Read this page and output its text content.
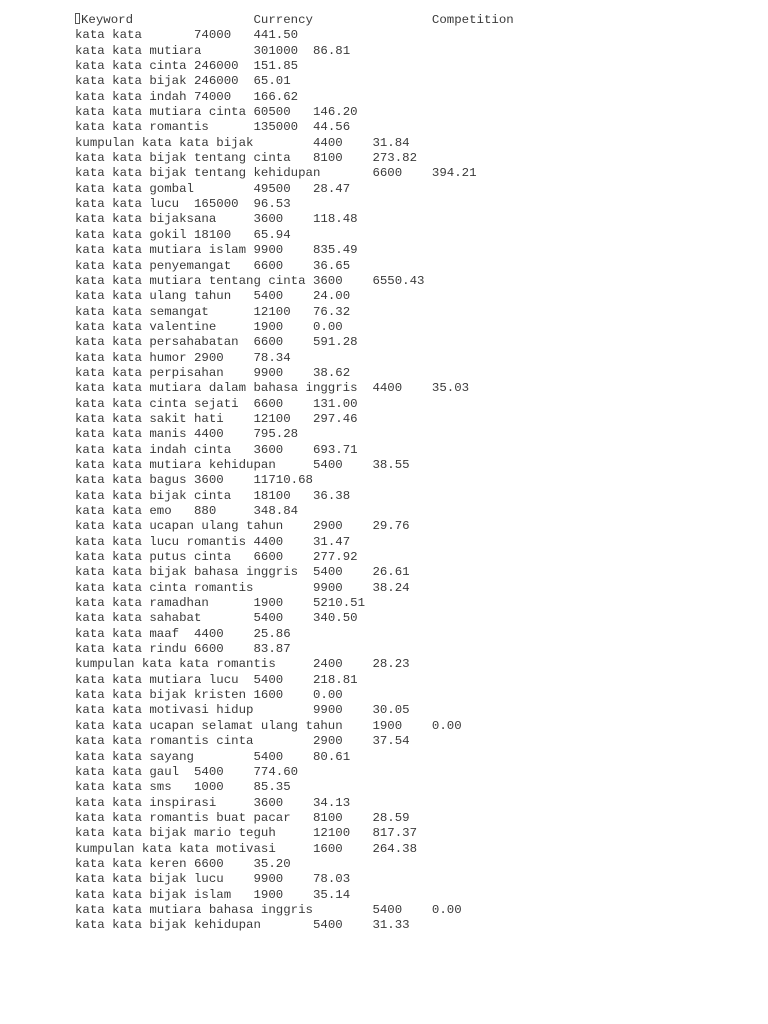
Keyword		Currency		Competition
kata kata	74000	441.50
kata kata mutiara	301000	86.81
kata kata cinta 246000	151.85
kata kata bijak 246000	65.01
kata kata indah 74000	166.62
kata kata mutiara cinta 60500	146.20
kata kata romantis	135000	44.56
kumpulan kata kata bijak	4400	31.84
kata kata bijak tentang cinta	8100	273.82
kata kata bijak tentang kehidupan	6600	394.21
kata kata gombal	49500	28.47
kata kata lucu	165000	96.53
kata kata bijaksana	3600	118.48
kata kata gokil 18100	65.94
kata kata mutiara islam 9900	835.49
kata kata penyemangat	6600	36.65
kata kata mutiara tentang cinta 3600	6550.43
kata kata ulang tahun	5400	24.00
kata kata semangat	12100	76.32
kata kata valentine	1900	0.00
kata kata persahabatan	6600	591.28
kata kata humor 2900	78.34
kata kata perpisahan	9900	38.62
kata kata mutiara dalam bahasa inggris	4400	35.03
kata kata cinta sejati	6600	131.00
kata kata sakit hati	12100	297.46
kata kata manis 4400	795.28
kata kata indah cinta	3600	693.71
kata kata mutiara kehidupan	5400	38.55
kata kata bagus 3600	11710.68
kata kata bijak cinta	18100	36.38
kata kata emo	880	348.84
kata kata ucapan ulang tahun	2900	29.76
kata kata lucu romantis 4400	31.47
kata kata putus cinta	6600	277.92
kata kata bijak bahasa inggris	5400	26.61
kata kata cinta romantis	9900	38.24
kata kata ramadhan	1900	5210.51
kata kata sahabat	5400	340.50
kata kata maaf	4400	25.86
kata kata rindu 6600	83.87
kumpulan kata kata romantis	2400	28.23
kata kata mutiara lucu	5400	218.81
kata kata bijak kristen 1600	0.00
kata kata motivasi hidup	9900	30.05
kata kata ucapan selamat ulang tahun	1900	0.00
kata kata romantis cinta	2900	37.54
kata kata sayang	5400	80.61
kata kata gaul	5400	774.60
kata kata sms	1000	85.35
kata kata inspirasi	3600	34.13
kata kata romantis buat pacar	8100	28.59
kata kata bijak mario teguh	12100	817.37
kumpulan kata kata motivasi	1600	264.38
kata kata keren 6600	35.20
kata kata bijak lucu	9900	78.03
kata kata bijak islam	1900	35.14
kata kata mutiara bahasa inggris	5400	0.00
kata kata bijak kehidupan	5400	31.33
